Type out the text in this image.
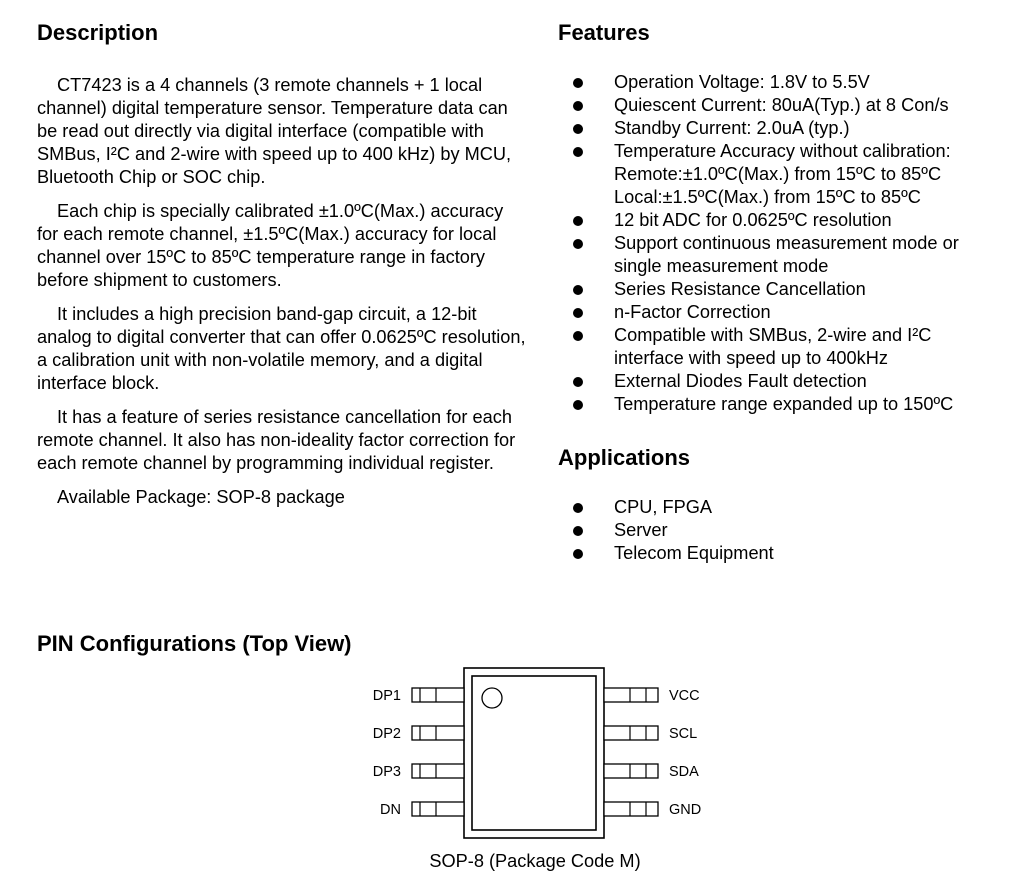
Description

CT7423 is a 4 channels (3 remote channels + 1 local channel) digital temperature sensor. Temperature data can be read out directly via digital interface (compatible with SMBus, I²C and 2-wire with speed up to 400 kHz) by MCU, Bluetooth Chip or SOC chip.

Each chip is specially calibrated ±1.0ºC(Max.) accuracy for each remote channel, ±1.5ºC(Max.) accuracy for local channel over 15ºC to 85ºC temperature range in factory before shipment to customers.

It includes a high precision band-gap circuit, a 12-bit analog to digital converter that can offer 0.0625ºC resolution, a calibration unit with non-volatile memory, and a digital interface block.

It has a feature of series resistance cancellation for each remote channel. It also has non-ideality factor correction for each remote channel by programming individual register.

Available Package: SOP-8 package

Features
Operation Voltage: 1.8V to 5.5V
Quiescent Current: 80uA(Typ.) at 8 Con/s
Standby Current: 2.0uA (typ.)
Temperature Accuracy without calibration:
Remote:±1.0ºC(Max.) from 15ºC to 85ºC
Local:±1.5ºC(Max.) from 15ºC to 85ºC
12 bit ADC for 0.0625ºC resolution
Support continuous measurement mode or
single measurement mode
Series Resistance Cancellation
n-Factor Correction
Compatible with SMBus, 2-wire and I²C
interface with speed up to 400kHz
External Diodes Fault detection
Temperature range expanded up to 150ºC
Applications
CPU, FPGA
Server
Telecom Equipment
PIN Configurations (Top View)
DP1
DP2
DP3
DN
VCC
SCL
SDA
GND
SOP-8 (Package Code M)
